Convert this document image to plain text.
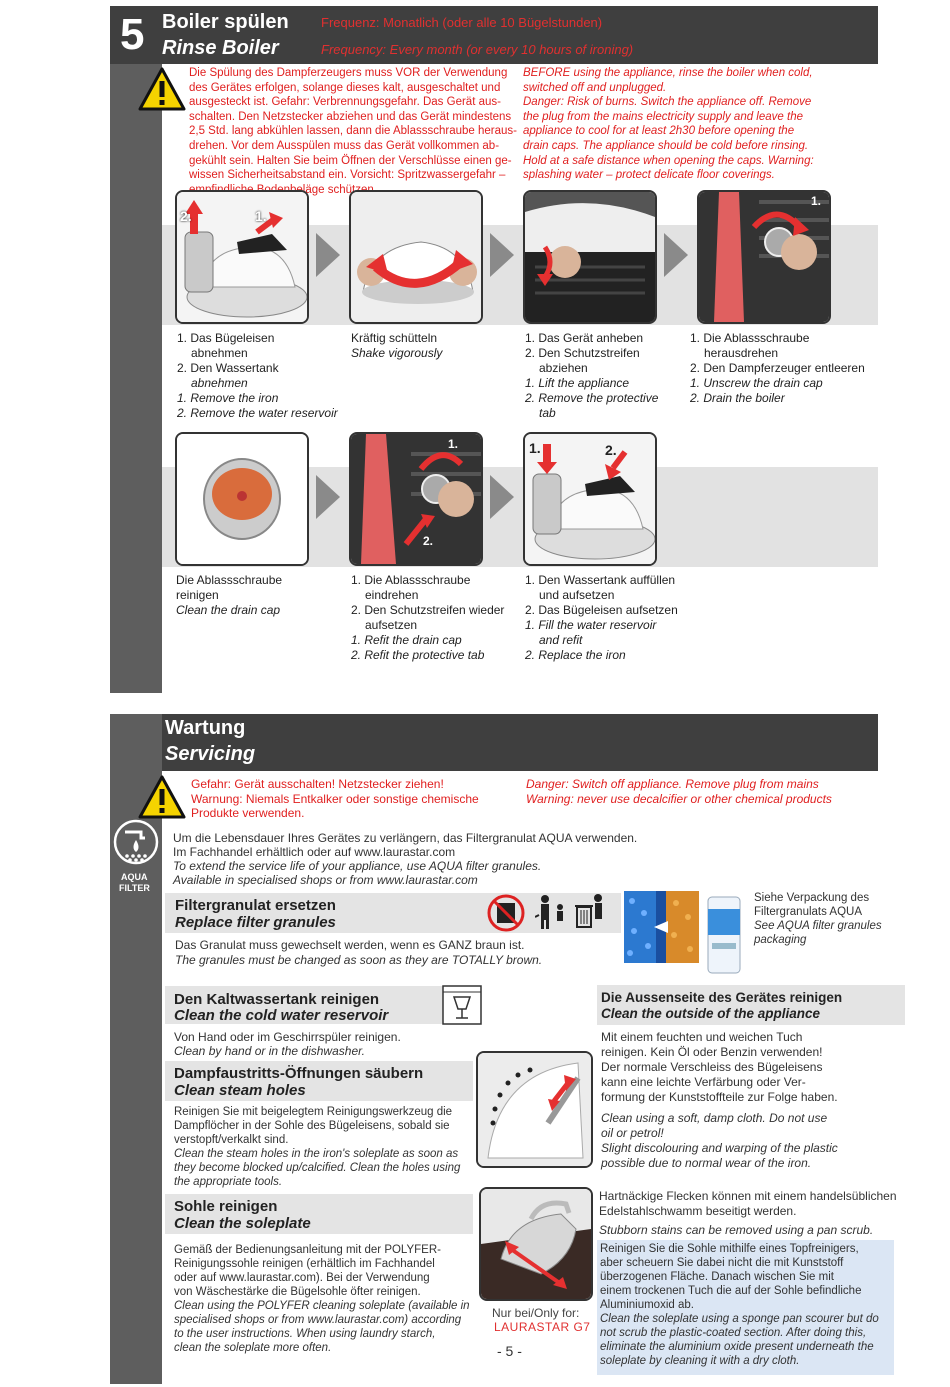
5 Boiler spülen
Rinse Boiler
Frequenz: Monatlich (oder alle 10 Bügelstunden)
Frequency: Every month (or every 10 hours of ironing)
Die Spülung des Dampferzeugers muss VOR der Verwendung
des Gerätes erfolgen, solange dieses kalt, ausgeschaltet und
ausgesteckt ist. Gefahr: Verbrennungsgefahr. Das Gerät aus-
schalten. Den Netzstecker abziehen und das Gerät mindestens
2,5 Std. lang abkühlen lassen, dann die Ablassschraube heraus-
drehen. Vor dem Ausspülen muss das Gerät vollkommen ab-
gekühlt sein. Halten Sie beim Öffnen der Verschlüsse einen ge-
wissen Sicherheitsabstand ein. Vorsicht: Spritzwassergefahr –
schützen.
BEFORE using the appliance, rinse the boiler when cold,
switched off and unplugged.
Danger: Risk of burns. Switch the appliance off. Remove
the plug from the mains electricity supply and leave the
appliance to cool for at least 2h30 before opening the
drain caps. The appliance should be cold before rinsing.
Hold at a safe distance when opening the caps. Warning:
splashing water – protect delicate floor coverings.
2.	1.
1.
1. Das Bügeleisen
abnehmen
2. Den Wassertank
abnehmen
1. Remove the iron
2. Remove the water reservoir
Kräftig schütteln
Shake vigorously
1. Das Gerät anheben
2. Den Schutzstreifen
abziehen
1. Lift the appliance
2. Remove the protective
tab
1. Die Ablassschraube
herausdrehen
2. Den Dampferzeuger entleeren
1. Unscrew the drain cap
2. Drain the boiler
1.
2.
1.	2.
Die Ablassschraube
reinigen
Clean the drain cap
1. Die Ablassschraube
eindrehen
2. Den Schutzstreifen wieder
aufsetzen
1. Refit the drain cap
2. Refit the protective tab
1. Den Wassertank auffüllen
und aufsetzen
2. Das Bügeleisen aufsetzen
1. Fill the water reservoir
and refit
2. Replace the iron
Wartung
Servicing
Gefahr: Gerät ausschalten! Netzstecker ziehen!
Warnung: Niemals Entkalker oder sonstige chemische
Produkte verwenden.
Danger: Switch off appliance. Remove plug from mains
Warning: never use decalcifier or other chemical products
AQUA
FILTER
Um die Lebensdauer Ihres Gerätes zu verlängern, das Filtergranulat AQUA verwenden.
Im Fachhandel erhältlich oder auf www.laurastar.com
To extend the service life of your appliance, use AQUA filter granules.
Available in specialised shops or from www.laurastar.com
Filtergranulat ersetzen
Replace filter granules
Das Granulat muss gewechselt werden, wenn es GANZ braun ist.
The granules must be changed as soon as they are TOTALLY brown.
Siehe Verpackung des
Filtergranulats AQUA
See AQUA filter granules
packaging
Den Kaltwassertank reinigen
Clean the cold water reservoir
Von Hand oder im Geschirrspüler reinigen.
Clean by hand or in the dishwasher.
Dampfaustritts-Öffnungen säubern
Clean steam holes
Reinigen Sie mit beigelegtem Reinigungswerkzeug die
Dampflöcher in der Sohle des Bügeleisens, sobald sie
verstopft/verkalkt sind.
Clean the steam holes in the iron's soleplate as soon as
they become blocked up/calcified. Clean the holes using
the appropriate tools.
Sohle reinigen
Clean the soleplate
Gemäß der Bedienungsanleitung mit der POLYFER-
Reinigungssohle reinigen (erhältlich im Fachhandel
oder auf www.laurastar.com). Bei der Verwendung
von Wäschestärke die Bügelsohle öfter reinigen.
Clean using the POLYFER cleaning soleplate (available in
specialised shops or from www.laurastar.com) according
to the user instructions. When using laundry starch,
clean the soleplate more often.
Nur bei/Only for:
LAURASTAR G7
Die Aussenseite des Gerätes reinigen
Clean the outside of the appliance
Mit einem feuchten und weichen Tuch
reinigen. Kein Öl oder Benzin verwenden!
Der normale Verschleiss des Bügeleisens
kann eine leichte Verfärbung oder Ver-
formung der Kunststoffteile zur Folge haben.
Clean using a soft, damp cloth. Do not use
oil or petrol!
Slight discolouring and warping of the plastic
possible due to normal wear of the iron.
Hartnäckige Flecken können mit einem handelsüblichen
Edelstahlschwamm beseitigt werden.
Stubborn stains can be removed using a pan scrub.
Reinigen Sie die Sohle mithilfe eines Topfreinigers,
aber scheuern Sie dabei nicht die mit Kunststoff
überzogenen Fläche. Danach wischen Sie mit
einem trockenen Tuch die auf der Sohle befindliche
Aluminiumoxid ab.
Clean the soleplate using a sponge pan scourer but do
not scrub the plastic-coated section. After doing this,
eliminate the aluminium oxide present underneath the
soleplate by cleaning it with a dry cloth.
- 5 -
